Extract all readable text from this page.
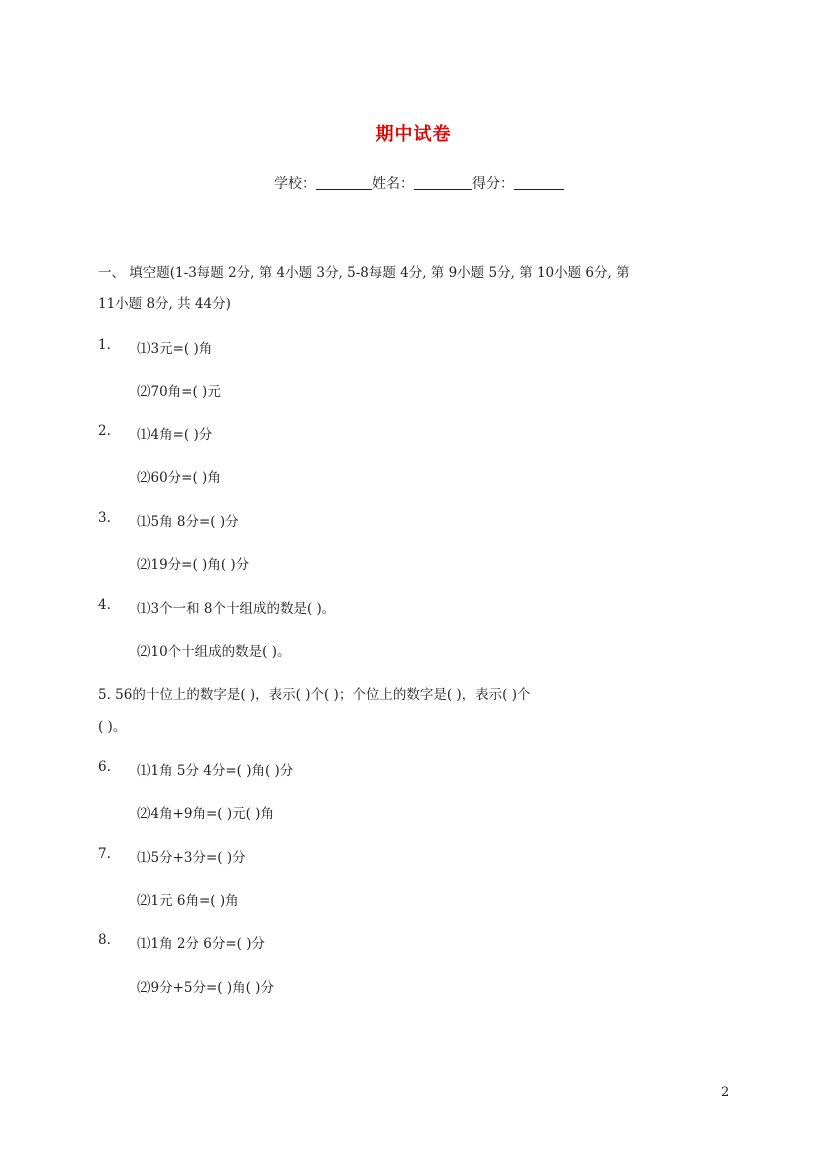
期中试卷
学校：	姓名：	得分：
一、 填空题(1-3每题 2分, 第 4小题 3分, 5-8每题 4分, 第 9小题 5分, 第 10小题 6分, 第
11小题 8分, 共 44分)
1. ⑴3元=( )角
⑵70角=( )元
2. ⑴4角=( )分
⑵60分=( )角
3. ⑴5角 8分=( )分
⑵19分=( )角( )分
4. ⑴3个一和 8个十组成的数是( )。
⑵10个十组成的数是( )。
5. 56的十位上的数字是( )，表示( )个( )；个位上的数字是( )，表示( )个
( )。
6. ⑴1角 5分 4分=( )角( )分
⑵4角+9角=( )元( )角
7. ⑴5分+3分=( )分
⑵1元 6角=( )角
8. ⑴1角 2分 6分=( )分
⑵9分+5分=( )角( )分
2
